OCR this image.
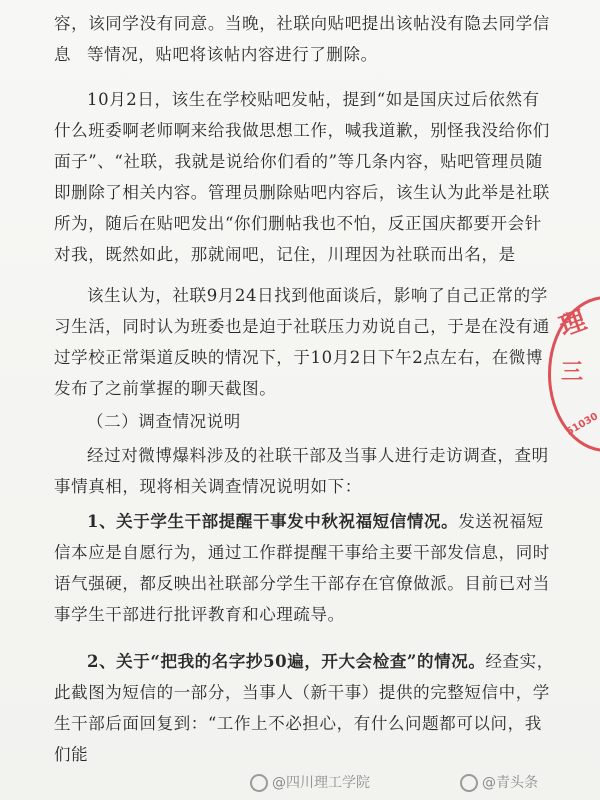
容，该同学没有同意。当晚，社联向贴吧提出该帖没有隐去同学信息 等情况，贴吧将该帖内容进行了删除。
10月2日，该生在学校贴吧发帖，提到“如是国庆过后依然有什么班委啊老师啊来给我做思想工作，喊我道歉，别怪我没给你们面子”、“社联，我就是说给你们看的”等几条内容，贴吧管理员随即删除了相关内容。管理员删除贴吧内容后，该生认为此举是社联所为，随后在贴吧发出“你们删帖我也不怕，反正国庆都要开会针对我，既然如此，那就闹吧，记住，川理因为社联而出名，是
该生认为，社联9月24日找到他面谈后，影响了自己正常的学习生活，同时认为班委也是迫于社联压力劝说自己，于是在没有通过学校正常渠道反映的情况下，于10月2日下午2点左右，在微博发布了之前掌握的聊天截图。
（二）调查情况说明
经过对微博爆料涉及的社联干部及当事人进行走访调查，查明事情真相，现将相关调查情况说明如下：
1、关于学生干部提醒干事发中秋祝福短信情况。发送祝福短信本应是自愿行为，通过工作群提醒干事给主要干部发信息，同时语气强硬，都反映出社联部分学生干部存在官僚做派。目前已对当事学生干部进行批评教育和心理疏导。
2、关于“把我的名字抄50遍，开大会检查”的情况。经查实，此截图为短信的一部分，当事人（新干事）提供的完整短信中，学生干部后面回复到：“工作上不必担心，有什么问题都可以问，我们能
理
三
51030
@四川理工学院	@青头条
